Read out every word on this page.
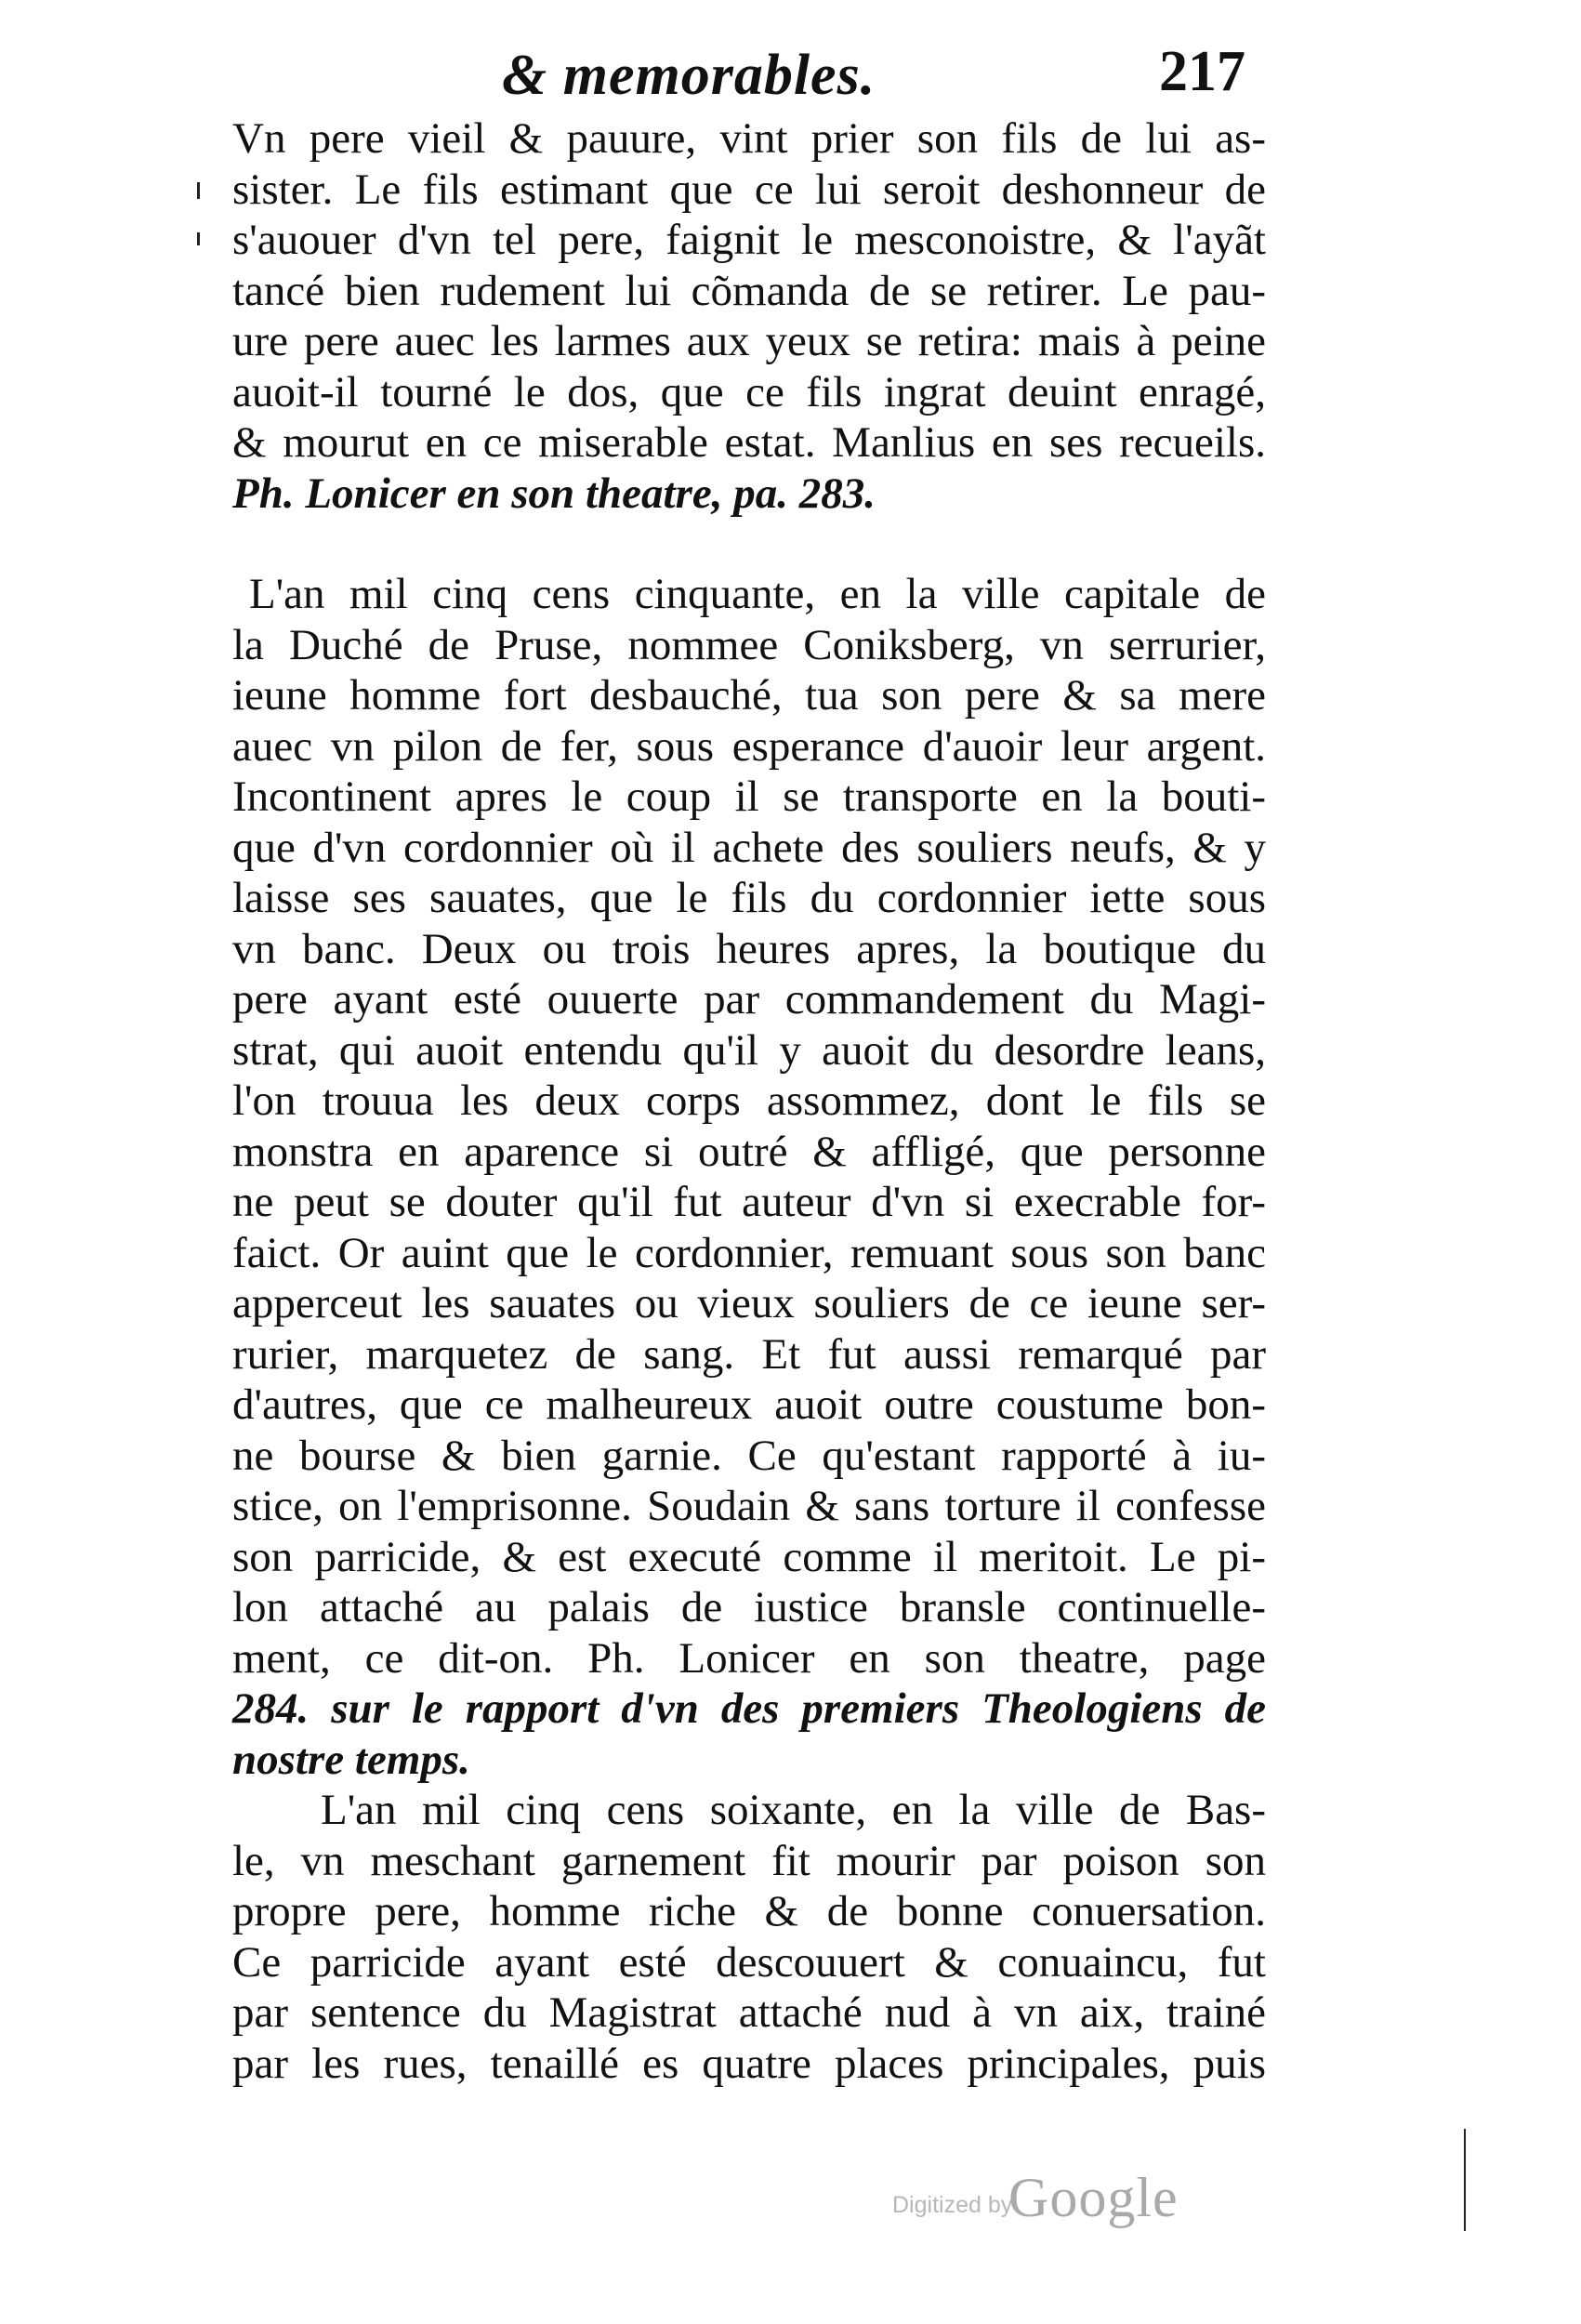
& memorables.	217
Vn pere vieil & pauure, vint prier son fils de lui as-
sister. Le fils estimant que ce lui seroit deshonneur de
s'auouer d'vn tel pere, faignit le mesconoistre, & l'ayãt
tancé bien rudement lui cõmanda de se retirer. Le pau-
ure pere auec les larmes aux yeux se retira: mais à peine
auoit-il tourné le dos, que ce fils ingrat deuint enragé,
& mourut en ce miserable estat. Manlius en ses recueils.
Ph. Lonicer en son theatre, pa. 283.
L'an mil cinq cens cinquante, en la ville capitale de
la Duché de Pruse, nommee Coniksberg, vn serrurier,
ieune homme fort desbauché, tua son pere & sa mere
auec vn pilon de fer, sous esperance d'auoir leur argent.
Incontinent apres le coup il se transporte en la bouti-
que d'vn cordonnier où il achete des souliers neufs, & y
laisse ses sauates, que le fils du cordonnier iette sous
vn banc. Deux ou trois heures apres, la boutique du
pere ayant esté ouuerte par commandement du Magi-
strat, qui auoit entendu qu'il y auoit du desordre leans,
l'on trouua les deux corps assommez, dont le fils se
monstra en aparence si outré & affligé, que personne
ne peut se douter qu'il fut auteur d'vn si execrable for-
faict. Or auint que le cordonnier, remuant sous son banc
apperceut les sauates ou vieux souliers de ce ieune ser-
rurier, marquetez de sang. Et fut aussi remarqué par
d'autres, que ce malheureux auoit outre coustume bon-
ne bourse & bien garnie. Ce qu'estant rapporté à iu-
stice, on l'emprisonne. Soudain & sans torture il confesse
son parricide, & est executé comme il meritoit. Le pi-
lon attaché au palais de iustice bransle continuelle-
ment, ce dit-on. Ph. Lonicer en son theatre, page
284. sur le rapport d'vn des premiers Theologiens de
nostre temps.
L'an mil cinq cens soixante, en la ville de Bas-
le, vn meschant garnement fit mourir par poison son
propre pere, homme riche & de bonne conuersation.
Ce parricide ayant esté descouuert & conuaincu, fut
par sentence du Magistrat attaché nud à vn aix, trainé
par les rues, tenaillé es quatre places principales, puis
Digitized by
Google
